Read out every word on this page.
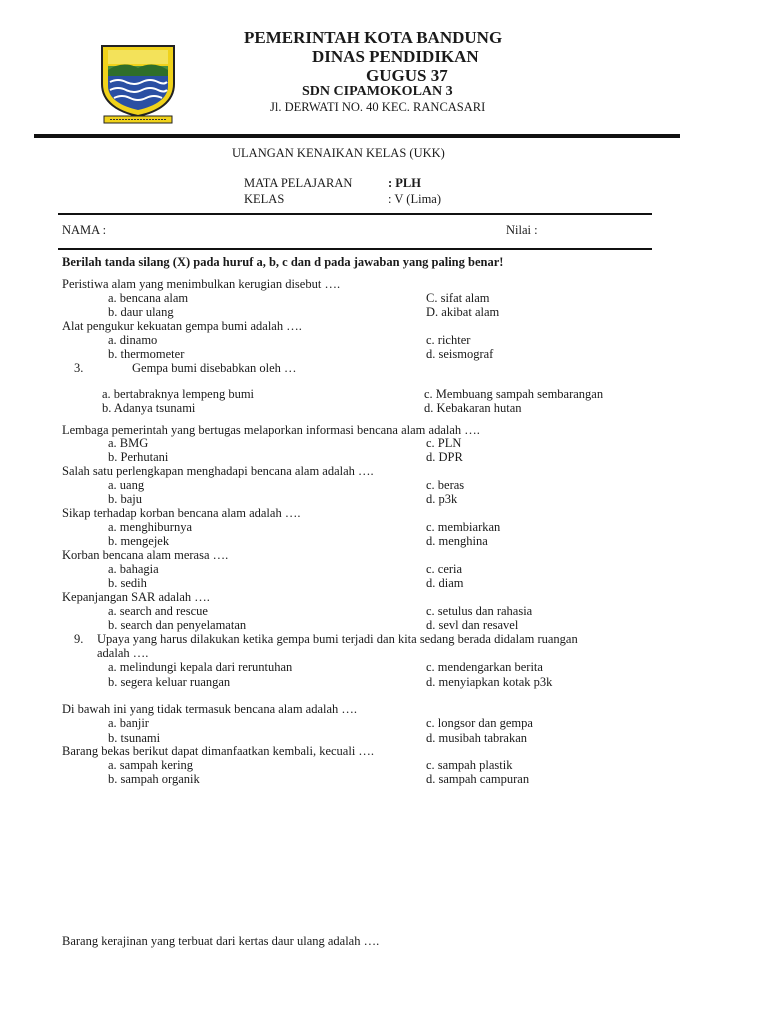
PEMERINTAH KOTA BANDUNG
DINAS PENDIDIKAN
GUGUS 37
SDN CIPAMOKOLAN 3
Jl. DERWATI NO. 40 KEC. RANCASARI
ULANGAN KENAIKAN KELAS (UKK)
MATA PELAJARAN	: PLH
KELAS	: V (Lima)
NAMA :	Nilai :
Berilah tanda silang (X) pada huruf a, b, c dan d pada jawaban yang paling benar!
Peristiwa alam yang menimbulkan kerugian disebut ….
a. bencana alam	C. sifat alam
b. daur ulang	D. akibat alam
Alat pengukur kekuatan gempa bumi adalah ….
a. dinamo	c. richter
b. thermometer	d. seismograf
3.	Gempa bumi disebabkan oleh …
a. bertabraknya lempeng bumi	c. Membuang sampah sembarangan
b. Adanya tsunami	d. Kebakaran hutan
Lembaga pemerintah yang bertugas melaporkan informasi bencana alam adalah ….
a. BMG	c. PLN
b. Perhutani	d. DPR
Salah satu perlengkapan menghadapi bencana alam adalah ….
a. uang	c. beras
b. baju	d. p3k
Sikap terhadap korban bencana alam adalah ….
a. menghiburnya	c. membiarkan
b. mengejek	d. menghina
Korban bencana alam merasa ….
a. bahagia	c. ceria
b. sedih	d. diam
Kepanjangan SAR adalah ….
a. search and rescue	c. setulus dan rahasia
b. search dan penyelamatan	d. sevl dan resavel
9. Upaya yang harus dilakukan ketika gempa bumi terjadi dan kita sedang berada didalam ruangan
adalah ….
a. melindungi kepala dari reruntuhan	c. mendengarkan berita
b. segera keluar ruangan	d. menyiapkan kotak p3k
Di bawah ini yang tidak termasuk bencana alam adalah ….
a. banjir	c. longsor dan gempa
b. tsunami	d. musibah tabrakan
Barang bekas berikut dapat dimanfaatkan kembali, kecuali ….
a. sampah kering	c. sampah plastik
b. sampah organik	d. sampah campuran
Barang kerajinan yang terbuat dari kertas daur ulang adalah ….
